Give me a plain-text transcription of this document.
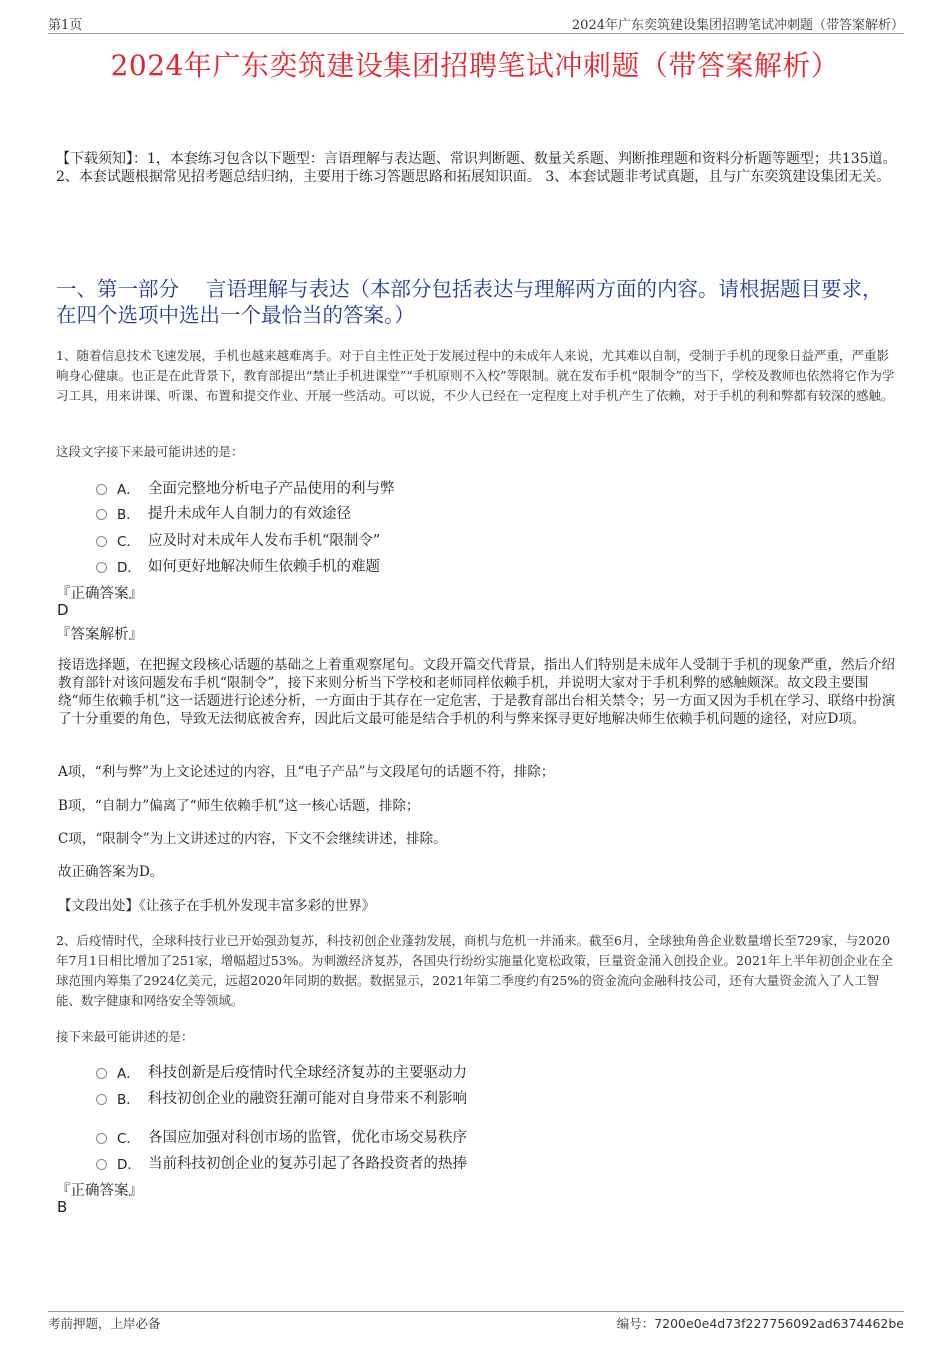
第1页	2024年广东奕筑建设集团招聘笔试冲刺题（带答案解析）
2024年广东奕筑建设集团招聘笔试冲刺题（带答案解析）
【下载须知】：1，本套练习包含以下题型：言语理解与表达题、常识判断题、数量关系题、判断推理题和资料分析题等题型；共135道。 2、本套试题根据常见招考题总结归纳，主要用于练习答题思路和拓展知识面。 3、本套试题非考试真题，且与广东奕筑建设集团无关。
一、第一部分　 言语理解与表达（本部分包括表达与理解两方面的内容。请根据题目要求，在四个选项中选出一个最恰当的答案。）
1、随着信息技术飞速发展，手机也越来越难离手。对于自主性正处于发展过程中的未成年人来说，尤其难以自制，受制于手机的现象日益严重，严重影响身心健康。也正是在此背景下，教育部提出“禁止手机进课堂”“手机原则不入校”等限制。就在发布手机“限制令”的当下，学校及教师也依然将它作为学习工具，用来讲课、听课、布置和提交作业、开展一些活动。可以说，不少人已经在一定程度上对手机产生了依赖，对于手机的利和弊都有较深的感触。
这段文字接下来最可能讲述的是：
A． 全面完整地分析电子产品使用的利与弊
B． 提升未成年人自制力的有效途径
C． 应及时对未成年人发布手机“限制令”
D． 如何更好地解决师生依赖手机的难题
『正确答案』
D
『答案解析』
接语选择题，在把握文段核心话题的基础之上着重观察尾句。文段开篇交代背景，指出人们特别是未成年人受制于手机的现象严重，然后介绍教育部针对该问题发布手机“限制令”，接下来则分析当下学校和老师同样依赖手机，并说明大家对于手机利弊的感触颇深。故文段主要围绕“师生依赖手机”这一话题进行论述分析，一方面由于其存在一定危害，于是教育部出台相关禁令；另一方面又因为手机在学习、联络中扮演了十分重要的角色，导致无法彻底被舍弃，因此后文最可能是结合手机的利与弊来探寻更好地解决师生依赖手机问题的途径，对应D项。
A项，“利与弊”为上文论述过的内容，且“电子产品”与文段尾句的话题不符，排除；
B项，“自制力”偏离了“师生依赖手机”这一核心话题，排除；
C项，“限制令”为上文讲述过的内容，下文不会继续讲述，排除。
故正确答案为D。
【文段出处】《让孩子在手机外发现丰富多彩的世界》
2、后疫情时代，全球科技行业已开始强劲复苏，科技初创企业蓬勃发展，商机与危机一并涌来。截至6月，全球独角兽企业数量增长至729家，与2020年7月1日相比增加了251家，增幅超过53%。为刺激经济复苏，各国央行纷纷实施量化宽松政策，巨量资金涌入创投企业。2021年上半年初创企业在全球范围内筹集了2924亿美元，远超2020年同期的数据。数据显示，2021年第二季度约有25%的资金流向金融科技公司，还有大量资金流入了人工智能、数字健康和网络安全等领域。
接下来最可能讲述的是：
A． 科技创新是后疫情时代全球经济复苏的主要驱动力
B． 科技初创企业的融资狂潮可能对自身带来不利影响
C． 各国应加强对科创市场的监管，优化市场交易秩序
D． 当前科技初创企业的复苏引起了各路投资者的热捧
『正确答案』
B
考前押题，上岸必备	编号：7200e0e4d73f227756092ad6374462be
